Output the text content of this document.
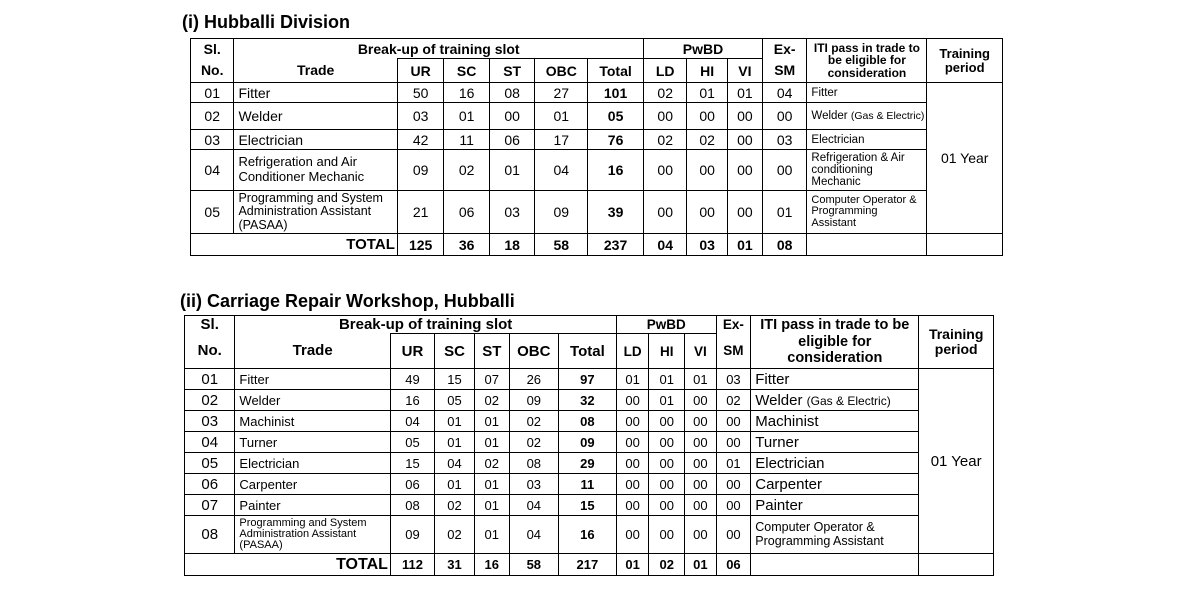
(i) Hubballi Division
Sl.	Break-up of training slot						PwBD			Ex-	ITI pass in trade to be eligible for consideration	Training period
No.	Trade	UR	SC	ST	OBC	Total	LD	HI	VI	SM		
01	Fitter	50	16	08	27	101	02	01	01	04	Fitter	01 Year
02	Welder	03	01	00	01	05	00	00	00	00	Welder (Gas & Electric)	
03	Electrician	42	11	06	17	76	02	02	00	03	Electrician	
04	Refrigeration and Air Conditioner Mechanic	09	02	01	04	16	00	00	00	00	Refrigeration & Air conditioning Mechanic	
05	Programming and System Administration Assistant (PASAA)	21	06	03	09	39	00	00	00	01	Computer Operator & Programming Assistant	
	TOTAL	125	36	18	58	237	04	03	01	08		
(ii) Carriage Repair Workshop, Hubballi
Sl.	Break-up of training slot						PwBD			Ex-	ITI pass in trade to be eligible for consideration	Training period
No.	Trade	UR	SC	ST	OBC	Total	LD	HI	VI	SM		
01	Fitter	49	15	07	26	97	01	01	01	03	Fitter	01 Year
02	Welder	16	05	02	09	32	00	01	00	02	Welder (Gas & Electric)	
03	Machinist	04	01	01	02	08	00	00	00	00	Machinist	
04	Turner	05	01	01	02	09	00	00	00	00	Turner	
05	Electrician	15	04	02	08	29	00	00	00	01	Electrician	
06	Carpenter	06	01	01	03	11	00	00	00	00	Carpenter	
07	Painter	08	02	01	04	15	00	00	00	00	Painter	
08	Programming and System Administration Assistant (PASAA)	09	02	01	04	16	00	00	00	00	Computer Operator & Programming Assistant	
	TOTAL	112	31	16	58	217	01	02	01	06		
